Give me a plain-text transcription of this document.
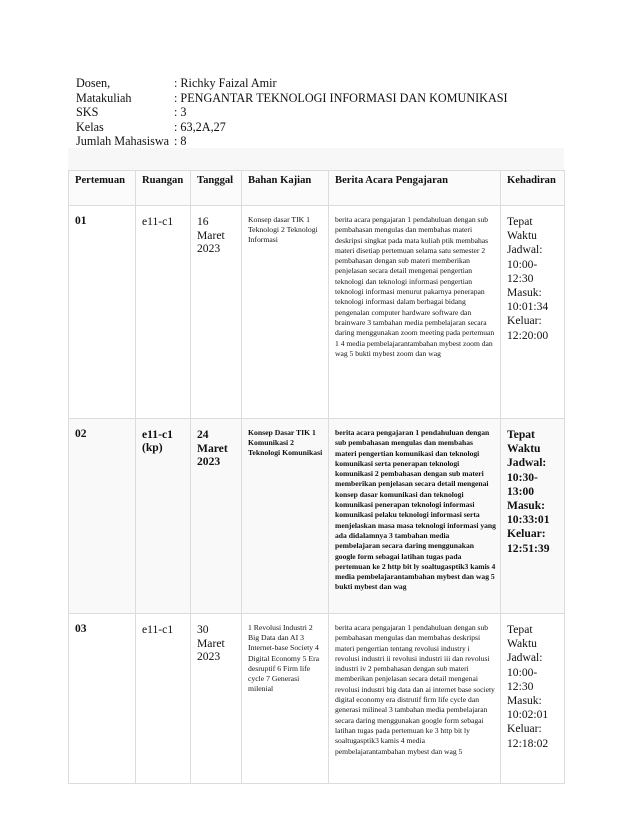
Dosen,	: Richky Faizal Amir
Matakuliah	: PENGANTAR TEKNOLOGI INFORMASI DAN KOMUNIKASI
SKS	: 3
Kelas	: 63,2A,27
Jumlah Mahasiswa : 8
Pertemuan	Ruangan	Tanggal	Bahan Kajian	Berita Acara Pengajaran	Kehadiran
01	e11-c1	16 Maret 2023	Konsep dasar TIK 1 Teknologi 2 Teknologi Informasi	berita acara pengajaran 1 pendahuluan dengan sub pembahasan mengulas dan membahas materi deskripsi singkat pada mata kuliah ptik membahas materi disetiap pertemuan selama satu semester 2 pembahasan dengan sub materi memberikan penjelasan secara detail mengenai pengertian teknologi dan teknologi informasi pengertian teknologi informasi menurut pakarnya penerapan teknologi informasi dalam berbagai bidang pengenalan computer hardware software dan brainware 3 tambahan media pembelajaran secara daring menggunakan zoom meeting pada pertemuan 1 4 media pembelajarantambahan mybest zoom dan wag 5 bukti mybest zoom dan wag	Tepat Waktu Jadwal: 10:00-12:30 Masuk: 10:01:34 Keluar: 12:20:00
02	e11-c1 (kp)	24 Maret 2023	Konsep Dasar TIK 1 Komunikasi 2 Teknologi Komunikasi	berita acara pengajaran 1 pendahuluan dengan sub pembahasan mengulas dan membahas materi pengertian komunikasi dan teknologi komunikasi serta penerapan teknologi komunikasi 2 pembahasan dengan sub materi memberikan penjelasan secara detail mengenai konsep dasar komunikasi dan teknologi komunikasi penerapan teknologi informasi komunikasi pelaku teknologi informasi serta menjelaskan masa masa teknologi informasi yang ada didalamnya 3 tambahan media pembelajaran secara daring menggunakan google form sebagai latihan tugas pada pertemuan ke 2 http bit ly soaltugasptik3 kamis 4 media pembelajarantambahan mybest dan wag 5 bukti mybest dan wag	Tepat Waktu Jadwal: 10:30-13:00 Masuk: 10:33:01 Keluar: 12:51:39
03	e11-c1	30 Maret 2023	1 Revolusi Industri 2 Big Data dan AI 3 Internet-base Society 4 Digital Economy 5 Era desruptif 6 Firm life cycle 7 Generasi milenial	berita acara pengajaran 1 pendahuluan dengan sub pembahasan mengulas dan membahas deskripsi materi pengertian tentang revolusi industry i revolusi industri ii revolusi industri iii dan revolusi industri iv 2 pembahasan dengan sub materi memberikan penjelasan secara detail mengenai revolusi industri big data dan ai internet base society digital economy era distrutif firm life cycle dan generasi milineal 3 tambahan media pembelajaran secara daring menggunakan google form sebagai latihan tugas pada pertemuan ke 3 http bit ly soaltugasptik3 kamis 4 media pembelajarantambahan mybest dan wag 5	Tepat Waktu Jadwal: 10:00-12:30 Masuk: 10:02:01 Keluar: 12:18:02
